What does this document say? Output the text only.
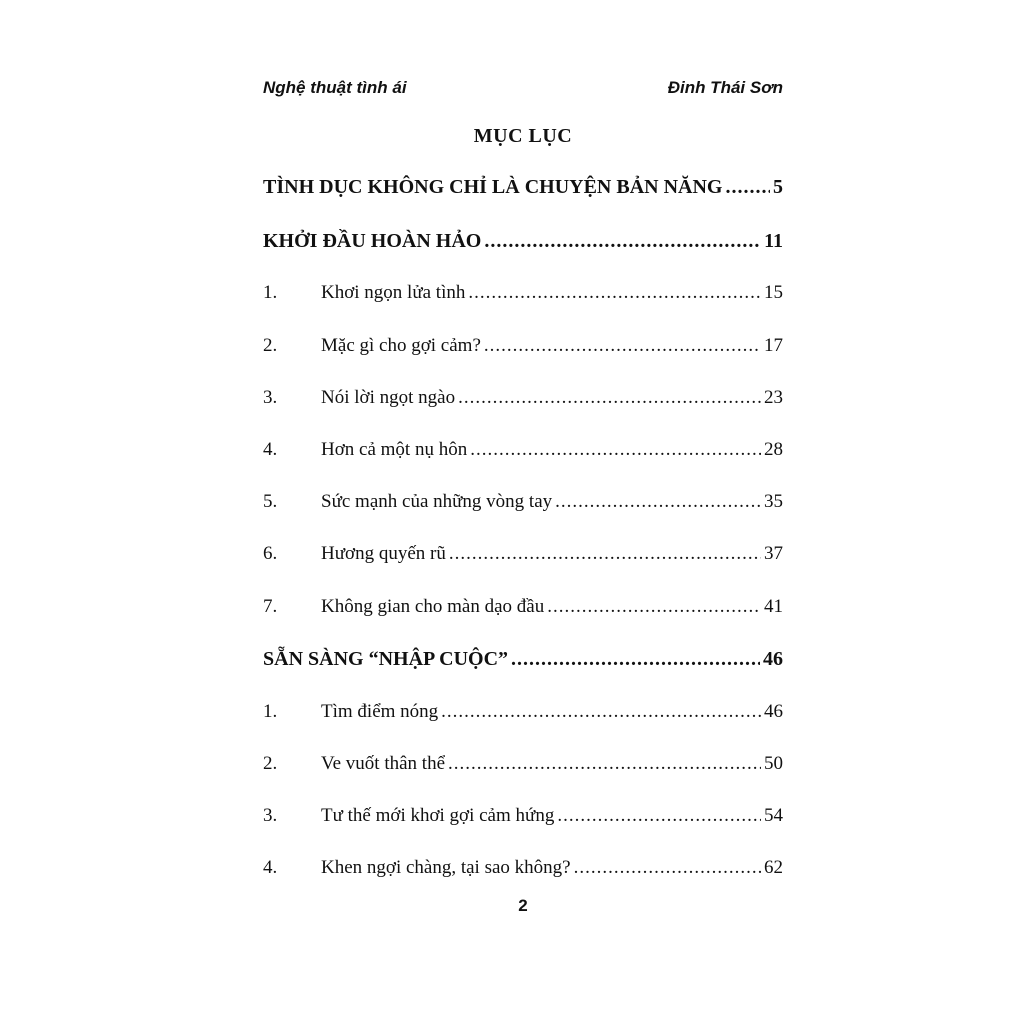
Nghệ thuật tình ái	Đinh Thái Sơn
MỤC LỤC
TÌNH DỤC KHÔNG CHỈ LÀ CHUYỆN BẢN NĂNG .....	5
KHỞI ĐẦU HOÀN HẢO .....	11
1.	Khơi ngọn lửa tình .....	15
2.	Mặc gì cho gợi cảm? .....	17
3.	Nói lời ngọt ngào .....	23
4.	Hơn cả một nụ hôn .....	28
5.	Sức mạnh của những vòng tay .....	35
6.	Hương quyến rũ .....	37
7.	Không gian cho màn dạo đầu .....	41
SẴN SÀNG “NHẬP CUỘC” .....	46
1.	Tìm điểm nóng .....	46
2.	Ve vuốt thân thể .....	50
3.	Tư thế mới khơi gợi cảm hứng .....	54
4.	Khen ngợi chàng, tại sao không? .....	62
2
